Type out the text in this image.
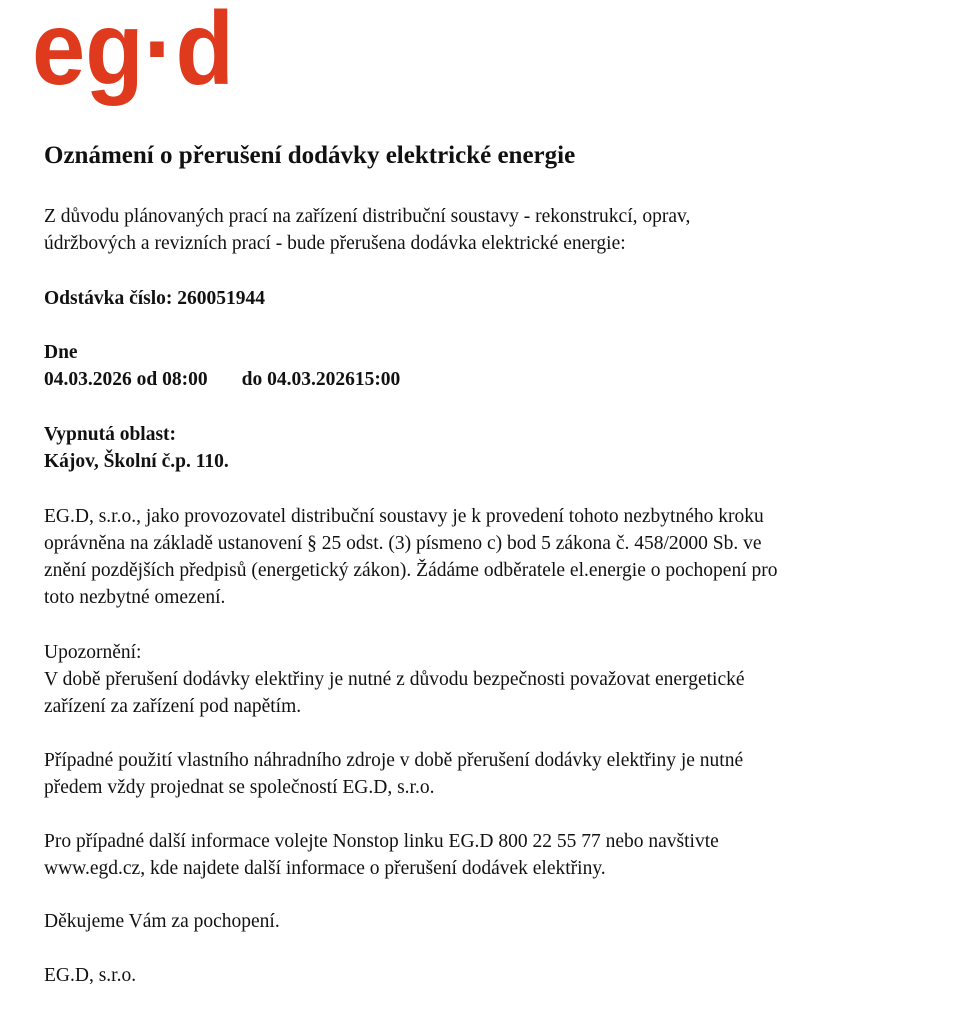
eg·d
Oznámení o přerušení dodávky elektrické energie
Z důvodu plánovaných prací na zařízení distribuční soustavy - rekonstrukcí, oprav,
údržbových a revizních prací - bude přerušena dodávka elektrické energie:
Odstávka číslo: 260051944
Dne
04.03.2026 od 08:00 do 04.03.202615:00
Vypnutá oblast:
Kájov, Školní č.p. 110.
EG.D, s.r.o., jako provozovatel distribuční soustavy je k provedení tohoto nezbytného kroku
oprávněna na základě ustanovení § 25 odst. (3) písmeno c) bod 5 zákona č. 458/2000 Sb. ve
znění pozdějších předpisů (energetický zákon). Žádáme odběratele el.energie o pochopení pro
toto nezbytné omezení.
Upozornění:
V době přerušení dodávky elektřiny je nutné z důvodu bezpečnosti považovat energetické
zařízení za zařízení pod napětím.
Případné použití vlastního náhradního zdroje v době přerušení dodávky elektřiny je nutné
předem vždy projednat se společností EG.D, s.r.o.
Pro případné další informace volejte Nonstop linku EG.D 800 22 55 77 nebo navštivte
www.egd.cz, kde najdete další informace o přerušení dodávek elektřiny.
Děkujeme Vám za pochopení.
EG.D, s.r.o.
